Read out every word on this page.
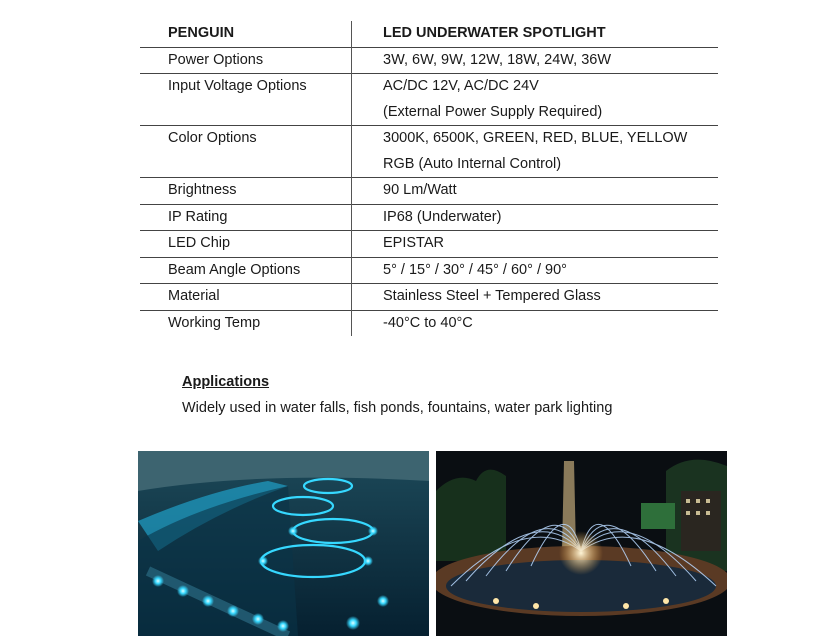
PENGUIN	LED UNDERWATER SPOTLIGHT

Power Options	3W, 6W, 9W, 12W, 18W, 24W, 36W

Input Voltage Options	AC/DC 12V, AC/DC 24V
(External Power Supply Required)

Color Options	3000K, 6500K, GREEN, RED, BLUE, YELLOW
RGB (Auto Internal Control)

Brightness	90 Lm/Watt

IP Rating	IP68 (Underwater)

LED Chip	EPISTAR

Beam Angle Options	5° / 15° / 30° / 45° / 60° / 90°

Material	Stainless Steel + Tempered Glass

Working Temp	-40°C to 40°C
Applications
Widely used in water falls, fish ponds, fountains, water park lighting
